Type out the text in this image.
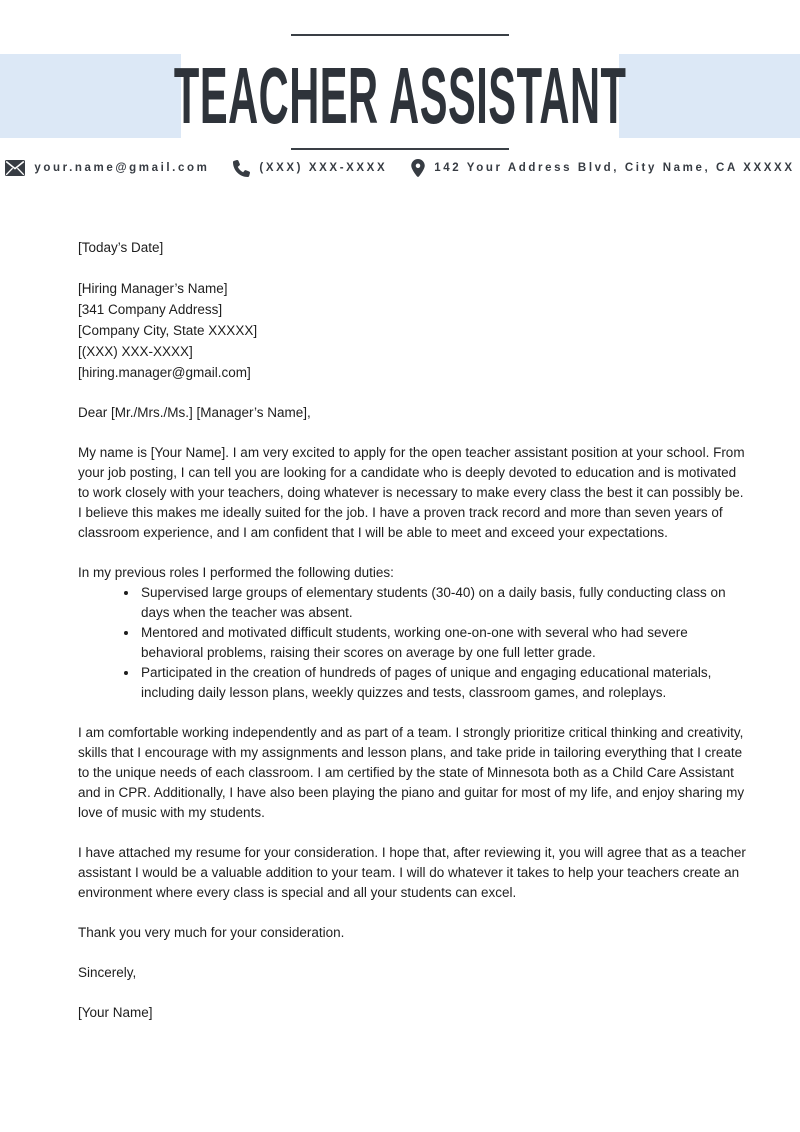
TEACHER ASSISTANT
your.name@gmail.com	(XXX) XXX-XXXX	142 Your Address Blvd, City Name, CA XXXXX

[Today’s Date]

[Hiring Manager’s Name]
[341 Company Address]
[Company City, State XXXXX]
[(XXX) XXX-XXXX]
[hiring.manager@gmail.com]

Dear [Mr./Mrs./Ms.] [Manager’s Name],

My name is [Your Name]. I am very excited to apply for the open teacher assistant position at your school. From your job posting, I can tell you are looking for a candidate who is deeply devoted to education and is motivated to work closely with your teachers, doing whatever is necessary to make every class the best it can possibly be. I believe this makes me ideally suited for the job. I have a proven track record and more than seven years of classroom experience, and I am confident that I will be able to meet and exceed your expectations.

In my previous roles I performed the following duties:

• Supervised large groups of elementary students (30-40) on a daily basis, fully conducting class on days when the teacher was absent.
• Mentored and motivated difficult students, working one-on-one with several who had severe behavioral problems, raising their scores on average by one full letter grade.
• Participated in the creation of hundreds of pages of unique and engaging educational materials, including daily lesson plans, weekly quizzes and tests, classroom games, and roleplays.

I am comfortable working independently and as part of a team. I strongly prioritize critical thinking and creativity, skills that I encourage with my assignments and lesson plans, and take pride in tailoring everything that I create to the unique needs of each classroom. I am certified by the state of Minnesota both as a Child Care Assistant and in CPR. Additionally, I have also been playing the piano and guitar for most of my life, and enjoy sharing my love of music with my students.

I have attached my resume for your consideration. I hope that, after reviewing it, you will agree that as a teacher assistant I would be a valuable addition to your team. I will do whatever it takes to help your teachers create an environment where every class is special and all your students can excel.

Thank you very much for your consideration.

Sincerely,

[Your Name]
